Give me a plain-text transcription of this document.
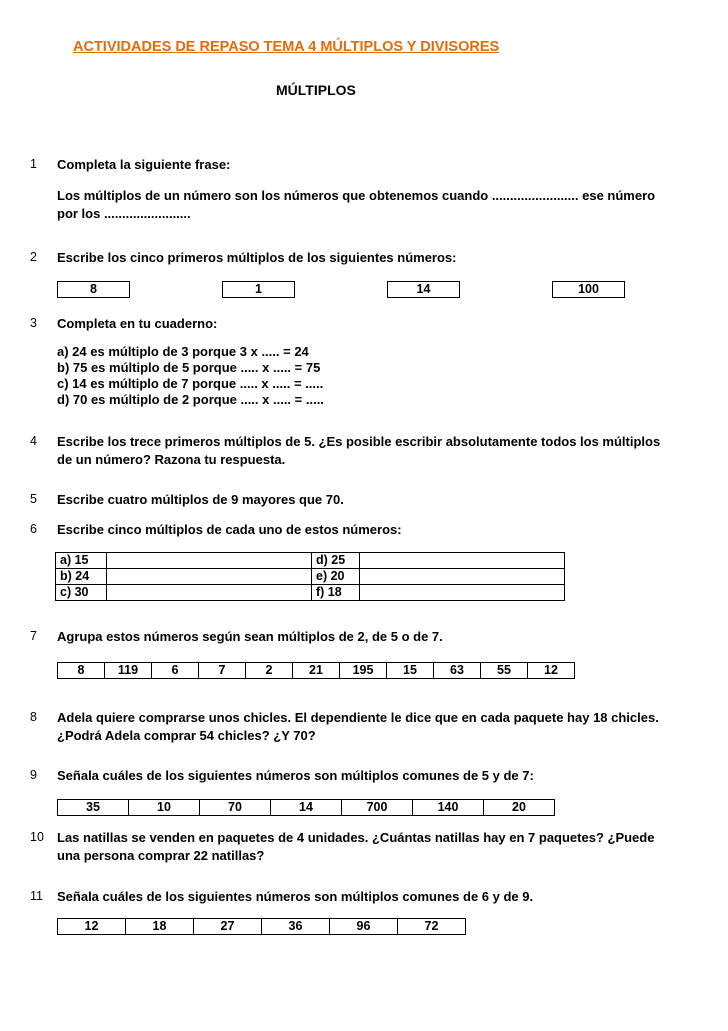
ACTIVIDADES DE REPASO TEMA 4 MÚLTIPLOS Y DIVISORES
MÚLTIPLOS
1 Completa la siguiente frase:
Los múltiplos de un número son los números que obtenemos cuando ........................ ese número
por los ........................
2 Escribe los cinco primeros múltiplos de los siguientes números:
8		1		14		100
3 Completa en tu cuaderno:
a) 24 es múltiplo de 3 porque 3 x ..... = 24
b) 75 es múltiplo de 5 porque ..... x ..... = 75
c) 14 es múltiplo de 7 porque ..... x ..... = .....
d) 70 es múltiplo de 2 porque ..... x ..... = .....
4 Escribe los trece primeros múltiplos de 5. ¿Es posible escribir absolutamente todos los múltiplos
de un número? Razona tu respuesta.
5 Escribe cuatro múltiplos de 9 mayores que 70.
6 Escribe cinco múltiplos de cada uno de estos números:
a) 15		d) 25	
b) 24		e) 20	
c) 30		f) 18	
7 Agrupa estos números según sean múltiplos de 2, de 5 o de 7.
8	119	6	7	2	21	195	15	63	55	12
8 Adela quiere comprarse unos chicles. El dependiente le dice que en cada paquete hay 18 chicles.
¿Podrá Adela comprar 54 chicles? ¿Y 70?
9 Señala cuáles de los siguientes números son múltiplos comunes de 5 y de 7:
35	10	70	14	700	140	20
10 Las natillas se venden en paquetes de 4 unidades. ¿Cuántas natillas hay en 7 paquetes? ¿Puede
una persona comprar 22 natillas?
11 Señala cuáles de los siguientes números son múltiplos comunes de 6 y de 9.
12	18	27	36	96	72
